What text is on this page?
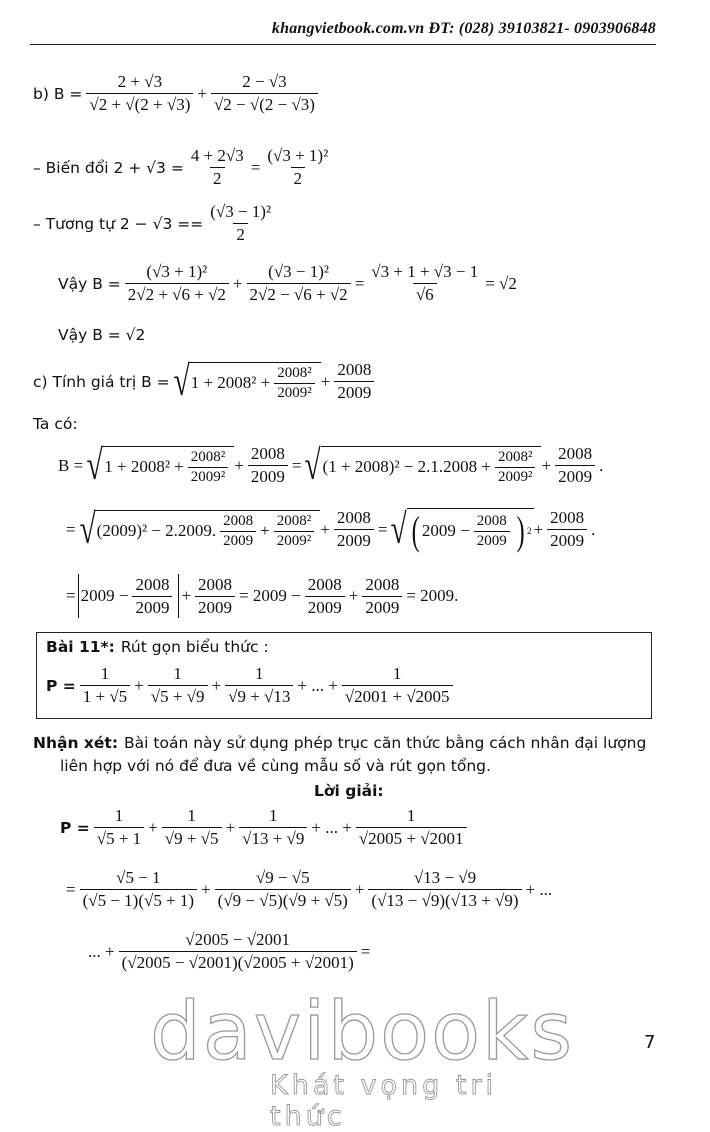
khangvietbook.com.vn ĐT: (028) 39103821- 0903906848
b) $B = \frac{2 + √3}{√2 + √(2 + √3)} + \frac{2 - √3}{√2 - √(2 - √3)}$
– Biến đổi $2 + √3 = \frac{4 + 2√3}{2} = \frac{\text{(√3 + 1)²}}{2}$
– Tương tự $2 - √3 == \frac{\text{(√3 − 1)²}}{2}$
Vậy $B = \frac{\text{(√3 + 1)²}}{2√2 + √6 + √2} + \frac{\text{(√3 − 1)²}}{2√2 - √6 + √2} = \frac{√3 + 1 + √3 - 1}{√6} = √2$
Vậy B = √2
c) Tính giá trị B = √ $1 + 2008^2 + \frac{\text{2008²}}{\text{2009²}} + \frac{2008}{2009}$
Ta có:
B = √ $1 + 2008^2 + \frac{\text{2008²}}{\text{2009²}} + \frac{2008}{2009}$ = √ $(1 + 2008)^2 - 2.1.2008 + \frac{\text{2008²}}{\text{2009²}} + \frac{2008}{2009}$ .
= √ (2009)² − 2.2009. $\frac{2008}{2009} + \frac{\text{2008²}}{\text{2009²}} + \frac{2008}{2009}$ = √ ( $2009 - \frac{2008}{2009}$ ) $2 + \frac{2008}{2009}$ .
= $2009 - \frac{2008}{2009} + \frac{2008}{2009} = 2009 - \frac{2008}{2009} + \frac{2008}{2009} = 2009$.
Bài 11*: Rút gọn biểu thức :
$P = \frac{1}{1 + √5} + \frac{1}{√5 + √9} + \frac{1}{√9 + √13}$ + ... + $\frac{1}{√2001 + √2005}$
Nhận xét: Bài toán này sử dụng phép trục căn thức bằng cách nhân đại lượng
liên hợp với nó để đưa về cùng mẫu số và rút gọn tổng.
Lời giải:
$P = \frac{1}{√5 + 1} + \frac{1}{√9 + √5} + \frac{1}{√13 + √9}$ + ... + $\frac{1}{√2005 + √2001}$
= $\frac{√5 - 1}{(√5 - 1)(√5 + 1)} + \frac{√9 - √5}{(√9 - √5)(√9 + √5)} + \frac{√13 - √9}{(√13 - √9)(√13 + √9)}$ + ...
... + $\frac{√2005 - √2001}{(√2005 - √2001)(√2005 + √2001)}$ =
7
davibooks
Khát vọng tri thức
